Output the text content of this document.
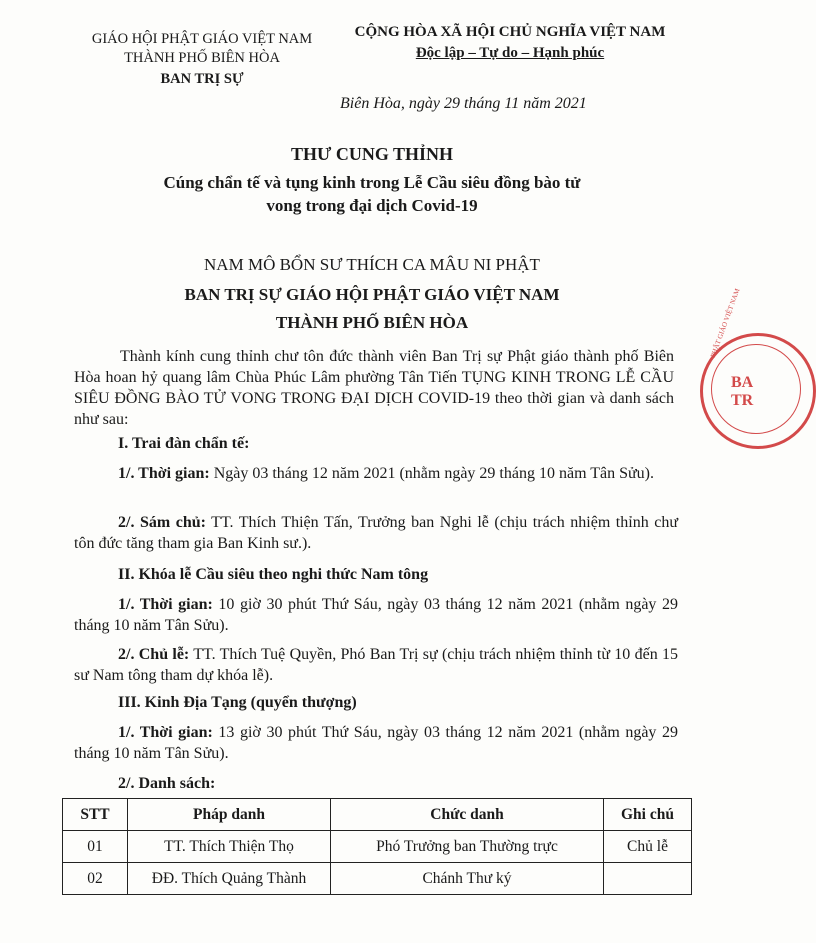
GIÁO HỘI PHẬT GIÁO VIỆT NAM
THÀNH PHỐ BIÊN HÒA
BAN TRỊ SỰ
CỘNG HÒA XÃ HỘI CHỦ NGHĨA VIỆT NAM
Độc lập – Tự do – Hạnh phúc
Biên Hòa, ngày 29 tháng 11 năm 2021
THƯ CUNG THỈNH
Cúng chẩn tế và tụng kinh trong Lễ Cầu siêu đồng bào tử
vong trong đại dịch Covid-19
NAM MÔ BỔN SƯ THÍCH CA MÂU NI PHẬT
BAN TRỊ SỰ GIÁO HỘI PHẬT GIÁO VIỆT NAM
THÀNH PHỐ BIÊN HÒA
Thành kính cung thỉnh chư tôn đức thành viên Ban Trị sự Phật giáo thành phố Biên Hòa hoan hỷ quang lâm Chùa Phúc Lâm phường Tân Tiến TỤNG KINH TRONG LỄ CẦU SIÊU ĐỒNG BÀO TỬ VONG TRONG ĐẠI DỊCH COVID-19 theo thời gian và danh sách như sau:
I. Trai đàn chẩn tế:
1/. Thời gian: Ngày 03 tháng 12 năm 2021 (nhằm ngày 29 tháng 10 năm Tân Sửu).
2/. Sám chủ: TT. Thích Thiện Tấn, Trưởng ban Nghi lễ (chịu trách nhiệm thỉnh chư tôn đức tăng tham gia Ban Kinh sư.).
II. Khóa lễ Cầu siêu theo nghi thức Nam tông
1/. Thời gian: 10 giờ 30 phút Thứ Sáu, ngày 03 tháng 12 năm 2021 (nhằm ngày 29 tháng 10 năm Tân Sửu).
2/. Chủ lễ: TT. Thích Tuệ Quyền, Phó Ban Trị sự (chịu trách nhiệm thỉnh từ 10 đến 15 sư Nam tông tham dự khóa lễ).
III. Kinh Địa Tạng (quyển thượng)
1/. Thời gian: 13 giờ 30 phút Thứ Sáu, ngày 03 tháng 12 năm 2021 (nhằm ngày 29 tháng 10 năm Tân Sửu).
2/. Danh sách:
STT	Pháp danh	Chức danh	Ghi chú
01	TT. Thích Thiện Thọ	Phó Trưởng ban Thường trực	Chủ lễ
02	ĐĐ. Thích Quảng Thành	Chánh Thư ký	
PHẬT GIÁO VIỆT NAM
BA
TR
